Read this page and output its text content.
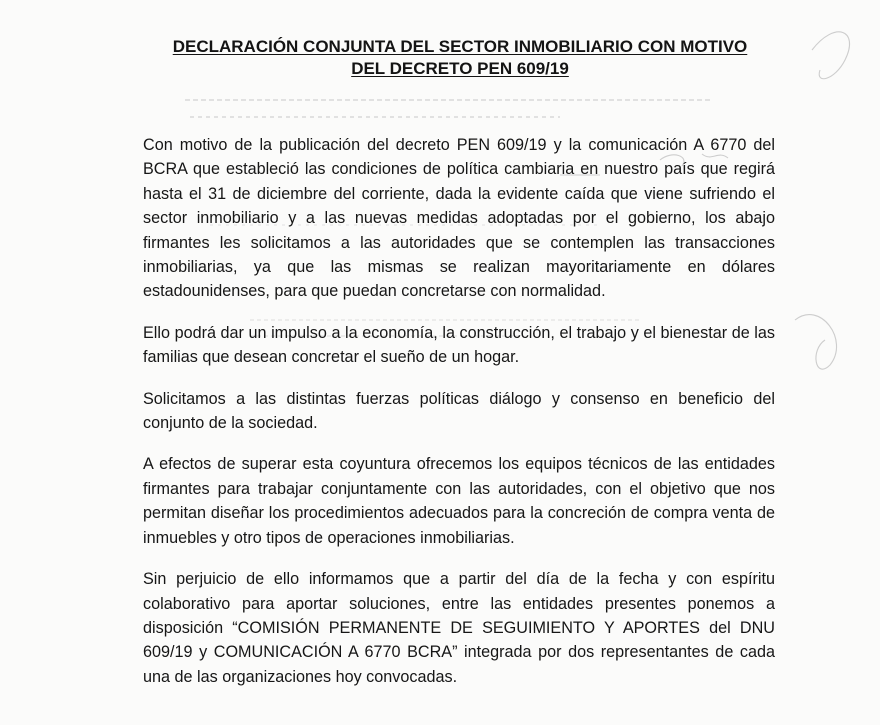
DECLARACIÓN CONJUNTA DEL SECTOR INMOBILIARIO CON MOTIVO
DEL DECRETO PEN 609/19

Con motivo de la publicación del decreto PEN 609/19 y la comunicación A 6770 del BCRA que estableció las condiciones de política cambiaria en nuestro país que regirá hasta el 31 de diciembre del corriente, dada la evidente caída que viene sufriendo el sector inmobiliario y a las nuevas medidas adoptadas por el gobierno, los abajo firmantes les solicitamos a las autoridades que se contemplen las transacciones inmobiliarias, ya que las mismas se realizan mayoritariamente en dólares estadounidenses, para que puedan concretarse con normalidad.

Ello podrá dar un impulso a la economía, la construcción, el trabajo y el bienestar de las familias que desean concretar el sueño de un hogar.

Solicitamos a las distintas fuerzas políticas diálogo y consenso en beneficio del conjunto de la sociedad.

A efectos de superar esta coyuntura ofrecemos los equipos técnicos de las entidades firmantes para trabajar conjuntamente con las autoridades, con el objetivo que nos permitan diseñar los procedimientos adecuados para la concreción de compra venta de inmuebles y otro tipos de operaciones inmobiliarias.

Sin perjuicio de ello informamos que a partir del día de la fecha y con espíritu colaborativo para aportar soluciones, entre las entidades presentes ponemos a disposición “COMISIÓN PERMANENTE DE SEGUIMIENTO Y APORTES del DNU 609/19 y COMUNICACIÓN A 6770 BCRA” integrada por dos representantes de cada una de las organizaciones hoy convocadas.
